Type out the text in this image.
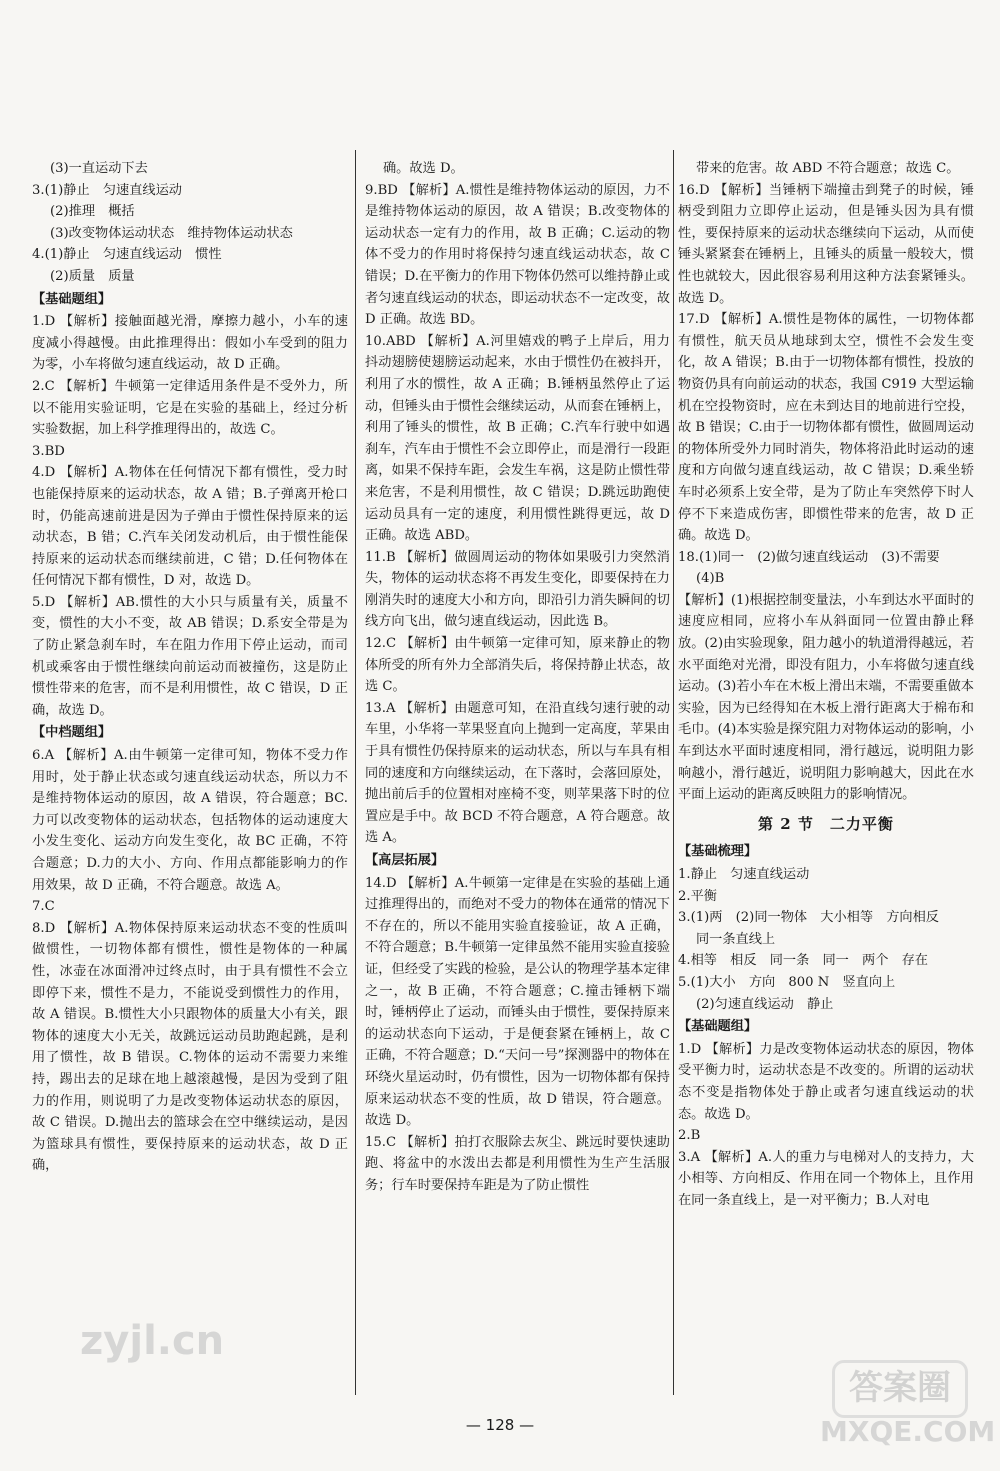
(3)一直运动下去
3.(1)静止　匀速直线运动
(2)推理　概括
(3)改变物体运动状态　维持物体运动状态
4.(1)静止　匀速直线运动　惯性
(2)质量　质量
【基础题组】
1.D 【解析】接触面越光滑，摩擦力越小，小车的速度减小得越慢。由此推理得出：假如小车受到的阻力为零，小车将做匀速直线运动，故 D 正确。
2.C 【解析】牛顿第一定律适用条件是不受外力，所以不能用实验证明，它是在实验的基础上，经过分析实验数据，加上科学推理得出的，故选 C。
3.BD
4.D 【解析】A.物体在任何情况下都有惯性，受力时也能保持原来的运动状态，故 A 错；B.子弹离开枪口时，仍能高速前进是因为子弹由于惯性保持原来的运动状态，B 错；C.汽车关闭发动机后，由于惯性能保持原来的运动状态而继续前进，C 错；D.任何物体在任何情况下都有惯性，D 对，故选 D。
5.D 【解析】AB.惯性的大小只与质量有关，质量不变，惯性的大小不变，故 AB 错误；D.系安全带是为了防止紧急刹车时，车在阻力作用下停止运动，而司机或乘客由于惯性继续向前运动而被撞伤，这是防止惯性带来的危害，而不是利用惯性，故 C 错误，D 正确，故选 D。
【中档题组】
6.A 【解析】A.由牛顿第一定律可知，物体不受力作用时，处于静止状态或匀速直线运动状态，所以力不是维持物体运动的原因，故 A 错误，符合题意；BC.力可以改变物体的运动状态，包括物体的运动速度大小发生变化、运动方向发生变化，故 BC 正确，不符合题意；D.力的大小、方向、作用点都能影响力的作用效果，故 D 正确，不符合题意。故选 A。
7.C
8.D 【解析】A.物体保持原来运动状态不变的性质叫做惯性，一切物体都有惯性，惯性是物体的一种属性，冰壶在冰面滑冲过终点时，由于具有惯性不会立即停下来，惯性不是力，不能说受到惯性力的作用，故 A 错误。B.惯性大小只跟物体的质量大小有关，跟物体的速度大小无关，故跳远运动员助跑起跳，是利用了惯性，故 B 错误。C.物体的运动不需要力来维持，踢出去的足球在地上越滚越慢，是因为受到了阻力的作用，则说明了力是改变物体运动状态的原因，故 C 错误。D.抛出去的篮球会在空中继续运动，是因为篮球具有惯性，要保持原来的运动状态，故 D 正确，
确。故选 D。
9.BD 【解析】A.惯性是维持物体运动的原因，力不是维持物体运动的原因，故 A 错误；B.改变物体的运动状态一定有力的作用，故 B 正确；C.运动的物体不受力的作用时将保持匀速直线运动状态，故 C 错误；D.在平衡力的作用下物体仍然可以维持静止或者匀速直线运动的状态，即运动状态不一定改变，故 D 正确。故选 BD。
10.ABD 【解析】A.河里嬉戏的鸭子上岸后，用力抖动翅膀使翅膀运动起来，水由于惯性仍在被抖开，利用了水的惯性，故 A 正确；B.锤柄虽然停止了运动，但锤头由于惯性会继续运动，从而套在锤柄上，利用了锤头的惯性，故 B 正确；C.汽车行驶中如遇刹车，汽车由于惯性不会立即停止，而是滑行一段距离，如果不保持车距，会发生车祸，这是防止惯性带来危害，不是利用惯性，故 C 错误；D.跳远助跑使运动员具有一定的速度，利用惯性跳得更远，故 D 正确。故选 ABD。
11.B 【解析】做圆周运动的物体如果吸引力突然消失，物体的运动状态将不再发生变化，即要保持在力刚消失时的速度大小和方向，即沿引力消失瞬间的切线方向飞出，做匀速直线运动，因此选 B。
12.C 【解析】由牛顿第一定律可知，原来静止的物体所受的所有外力全部消失后，将保持静止状态，故选 C。
13.A 【解析】由题意可知，在沿直线匀速行驶的动车里，小华将一苹果竖直向上抛到一定高度，苹果由于具有惯性仍保持原来的运动状态，所以与车具有相同的速度和方向继续运动，在下落时，会落回原处，抛出前后手的位置相对座椅不变，则苹果落下时的位置应是手中。故 BCD 不符合题意，A 符合题意。故选 A。
【高层拓展】
14.D 【解析】A.牛顿第一定律是在实验的基础上通过推理得出的，而绝对不受力的物体在通常的情况下不存在的，所以不能用实验直接验证，故 A 正确，不符合题意；B.牛顿第一定律虽然不能用实验直接验证，但经受了实践的检验，是公认的物理学基本定律之一，故 B 正确，不符合题意；C.撞击锤柄下端时，锤柄停止了运动，而锤头由于惯性，要保持原来的运动状态向下运动，于是便套紧在锤柄上，故 C 正确，不符合题意；D.“天问一号”探测器中的物体在环绕火星运动时，仍有惯性，因为一切物体都有保持原来运动状态不变的性质，故 D 错误，符合题意。故选 D。
15.C 【解析】拍打衣服除去灰尘、跳远时要快速助跑、将盆中的水泼出去都是利用惯性为生产生活服务；行车时要保持车距是为了防止惯性
带来的危害。故 ABD 不符合题意；故选 C。
16.D 【解析】当锤柄下端撞击到凳子的时候，锤柄受到阻力立即停止运动，但是锤头因为具有惯性，要保持原来的运动状态继续向下运动，从而使锤头紧紧套在锤柄上，且锤头的质量一般较大，惯性也就较大，因此很容易利用这种方法套紧锤头。故选 D。
17.D 【解析】A.惯性是物体的属性，一切物体都有惯性，航天员从地球到太空，惯性不会发生变化，故 A 错误；B.由于一切物体都有惯性，投放的物资仍具有向前运动的状态，我国 C919 大型运输机在空投物资时，应在未到达目的地前进行空投，故 B 错误；C.由于一切物体都有惯性，做圆周运动的物体所受外力同时消失，物体将沿此时运动的速度和方向做匀速直线运动，故 C 错误；D.乘坐轿车时必须系上安全带，是为了防止车突然停下时人停不下来造成伤害，即惯性带来的危害，故 D 正确。故选 D。
18.(1)同一　(2)做匀速直线运动　(3)不需要
(4)B
【解析】(1)根据控制变量法，小车到达水平面时的速度应相同，应将小车从斜面同一位置由静止释放。(2)由实验现象，阻力越小的轨道滑得越远，若水平面绝对光滑，即没有阻力，小车将做匀速直线运动。(3)若小车在木板上滑出末端，不需要重做本实验，因为已经得知在木板上滑行距离大于棉布和毛巾。(4)本实验是探究阻力对物体运动的影响，小车到达水平面时速度相同，滑行越远，说明阻力影响越小，滑行越近，说明阻力影响越大，因此在水平面上运动的距离反映阻力的影响情况。
第 2 节　二力平衡
【基础梳理】
1.静止　匀速直线运动
2.平衡
3.(1)两　(2)同一物体　大小相等　方向相反
同一条直线上
4.相等　相反　同一条　同一　两个　存在
5.(1)大小　方向　800 N　竖直向上
(2)匀速直线运动　静止
【基础题组】
1.D 【解析】力是改变物体运动状态的原因，物体受平衡力时，运动状态是不改变的。所谓的运动状态不变是指物体处于静止或者匀速直线运动的状态。故选 D。
2.B
3.A 【解析】A.人的重力与电梯对人的支持力，大小相等、方向相反、作用在同一个物体上，且作用在同一条直线上，是一对平衡力；B.人对电
— 128 —
zyjl.cn
答案圈
MXQE.COM
